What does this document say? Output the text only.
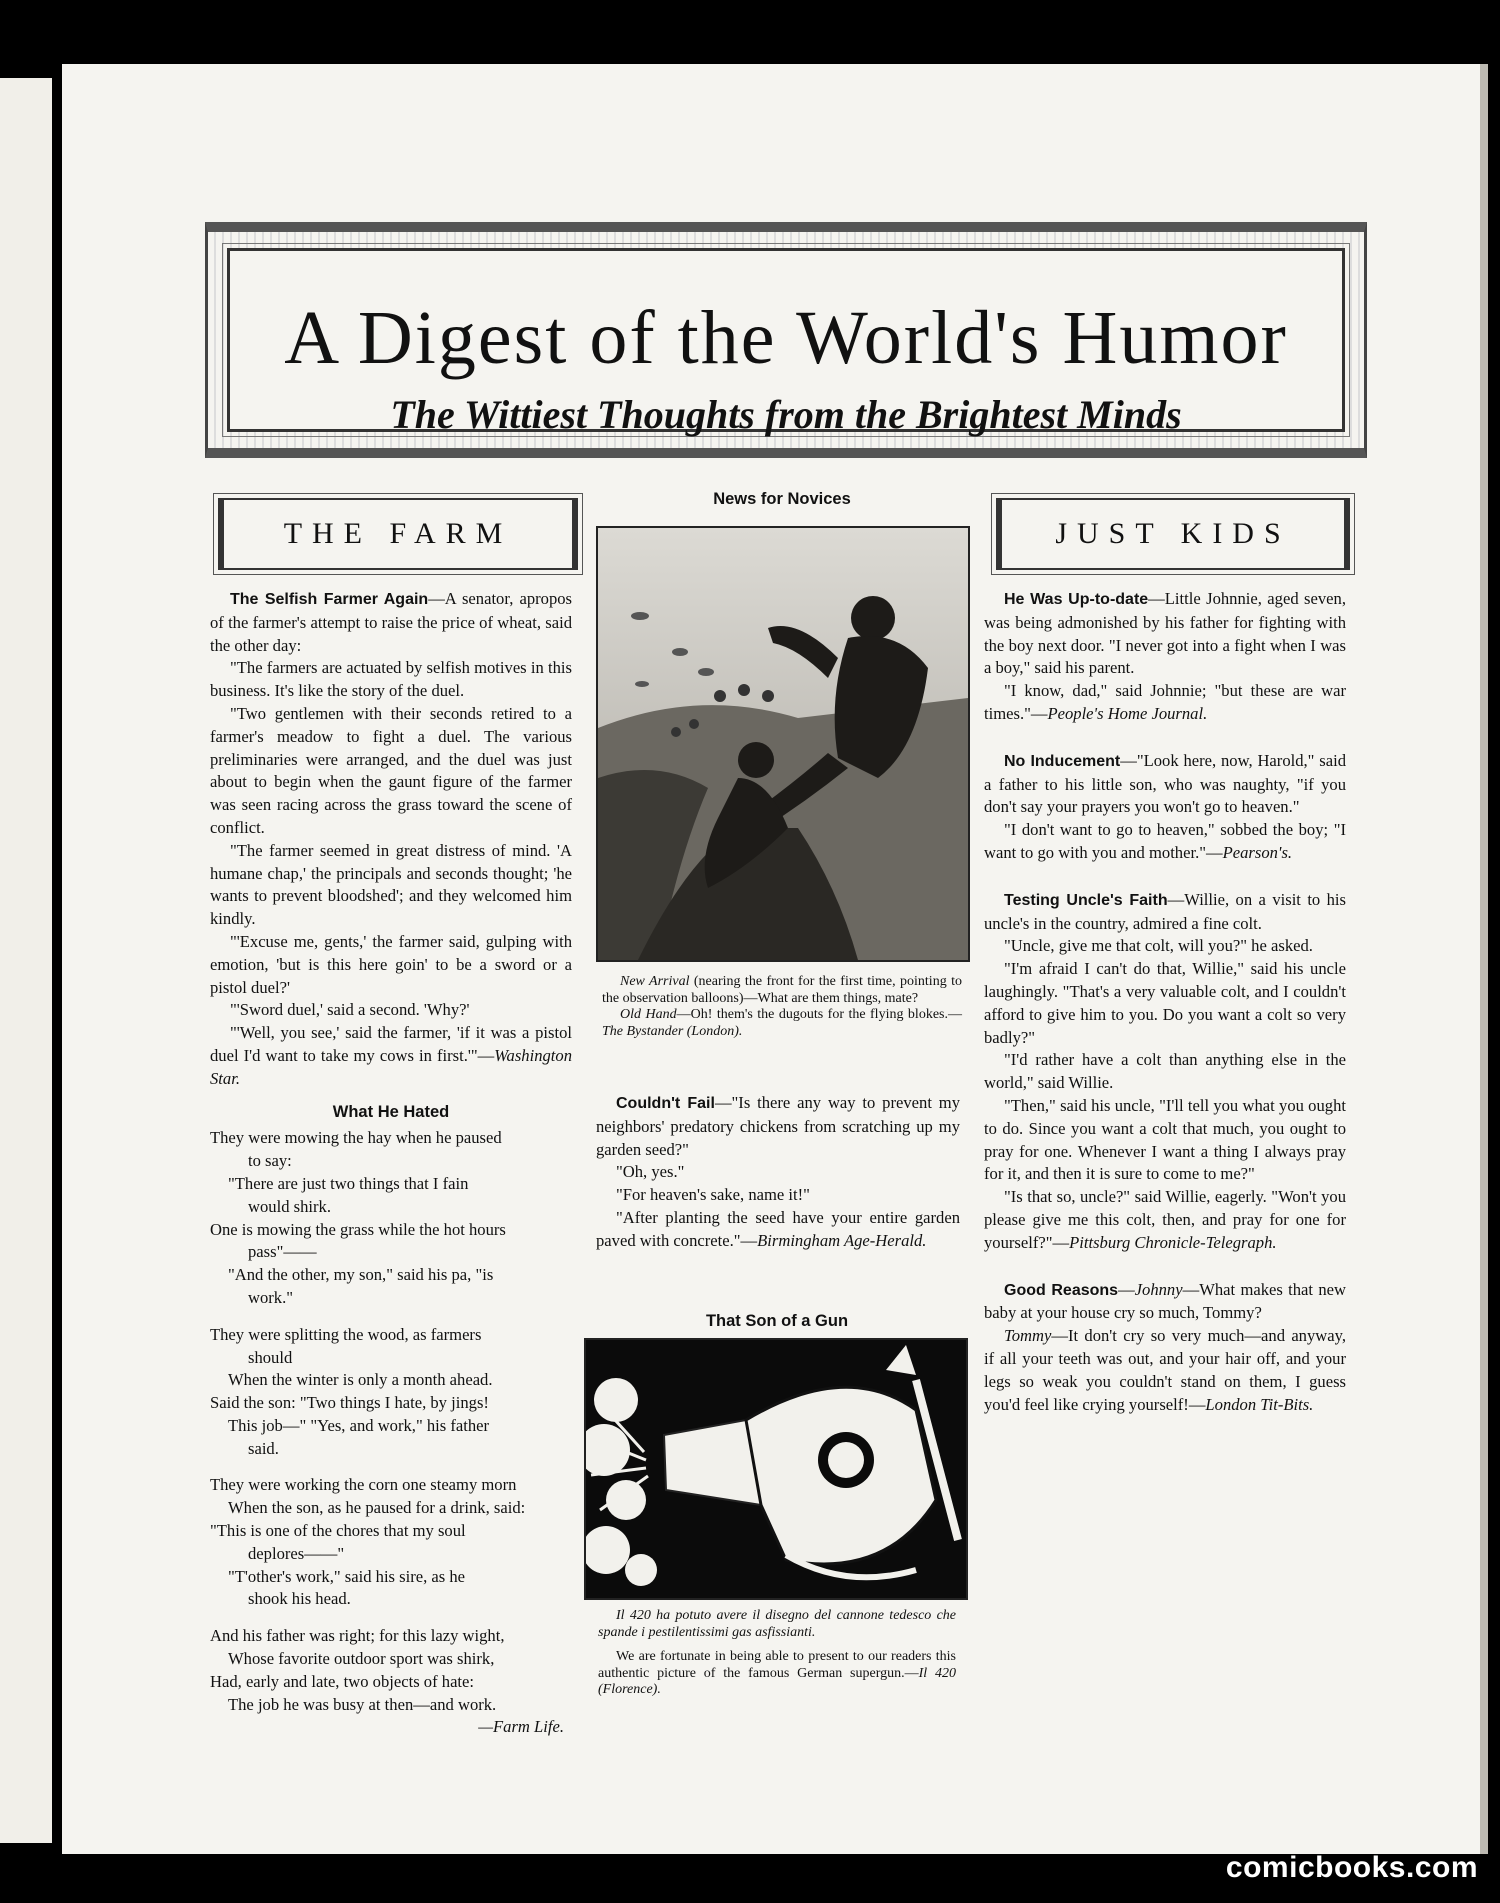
A Digest of the World's Humor
The Wittiest Thoughts from the Brightest Minds
THE FARM	JUST KIDS

The Selfish Farmer Again—A senator, apropos of the farmer's attempt to raise the price of wheat, said the other day:

"The farmers are actuated by selfish motives in this business. It's like the story of the duel.

"Two gentlemen with their seconds retired to a farmer's meadow to fight a duel. The various preliminaries were arranged, and the duel was just about to begin when the gaunt figure of the farmer was seen racing across the grass toward the scene of conflict.

"The farmer seemed in great distress of mind. 'A humane chap,' the principals and seconds thought; 'he wants to prevent bloodshed'; and they welcomed him kindly.

"'Excuse me, gents,' the farmer said, gulping with emotion, 'but is this here goin' to be a sword or a pistol duel?'

"'Sword duel,' said a second. 'Why?'

"'Well, you see,' said the farmer, 'if it was a pistol duel I'd want to take my cows in first.'"—Washington Star.

What He Hated
They were mowing the hay when he paused
to say:
"There are just two things that I fain
would shirk.
One is mowing the grass while the hot hours
pass"——
"And the other, my son," said his pa, "is
work."
They were splitting the wood, as farmers
should
When the winter is only a month ahead.
Said the son: "Two things I hate, by jings!
This job—" "Yes, and work," his father
said.
They were working the corn one steamy morn
When the son, as he paused for a drink, said:
"This is one of the chores that my soul
deplores——"
"T'other's work," said his sire, as he
shook his head.
And his father was right; for this lazy wight,
Whose favorite outdoor sport was shirk,
Had, early and late, two objects of hate:
The job he was busy at then—and work.
—Farm Life.
News for Novices

New Arrival (nearing the front for the first time, pointing to the observation balloons)—What are them things, mate?

Old Hand—Oh! them's the dugouts for the flying blokes.—The Bystander (London).

Couldn't Fail—"Is there any way to prevent my neighbors' predatory chickens from scratching up my garden seed?"

"Oh, yes."

"For heaven's sake, name it!"

"After planting the seed have your entire garden paved with concrete."—Birmingham Age-Herald.

That Son of a Gun

Il 420 ha potuto avere il disegno del cannone tedesco che spande i pestilentissimi gas asfissianti.

We are fortunate in being able to present to our readers this authentic picture of the famous German supergun.—Il 420 (Florence).

He Was Up-to-date—Little Johnnie, aged seven, was being admonished by his father for fighting with the boy next door. "I never got into a fight when I was a boy," said his parent.

"I know, dad," said Johnnie; "but these are war times."—People's Home Journal.

No Inducement—"Look here, now, Harold," said a father to his little son, who was naughty, "if you don't say your prayers you won't go to heaven."

"I don't want to go to heaven," sobbed the boy; "I want to go with you and mother."—Pearson's.

Testing Uncle's Faith—Willie, on a visit to his uncle's in the country, admired a fine colt.

"Uncle, give me that colt, will you?" he asked.

"I'm afraid I can't do that, Willie," said his uncle laughingly. "That's a very valuable colt, and I couldn't afford to give him to you. Do you want a colt so very badly?"

"I'd rather have a colt than anything else in the world," said Willie.

"Then," said his uncle, "I'll tell you what you ought to do. Since you want a colt that much, you ought to pray for one. Whenever I want a thing I always pray for it, and then it is sure to come to me?"

"Is that so, uncle?" said Willie, eagerly. "Won't you please give me this colt, then, and pray for one for yourself?"—Pittsburg Chronicle-Telegraph.

Good Reasons—Johnny—What makes that new baby at your house cry so much, Tommy?

Tommy—It don't cry so very much—and anyway, if all your teeth was out, and your hair off, and your legs so weak you couldn't stand on them, I guess you'd feel like crying yourself!—London Tit-Bits.

comicbooks.com
